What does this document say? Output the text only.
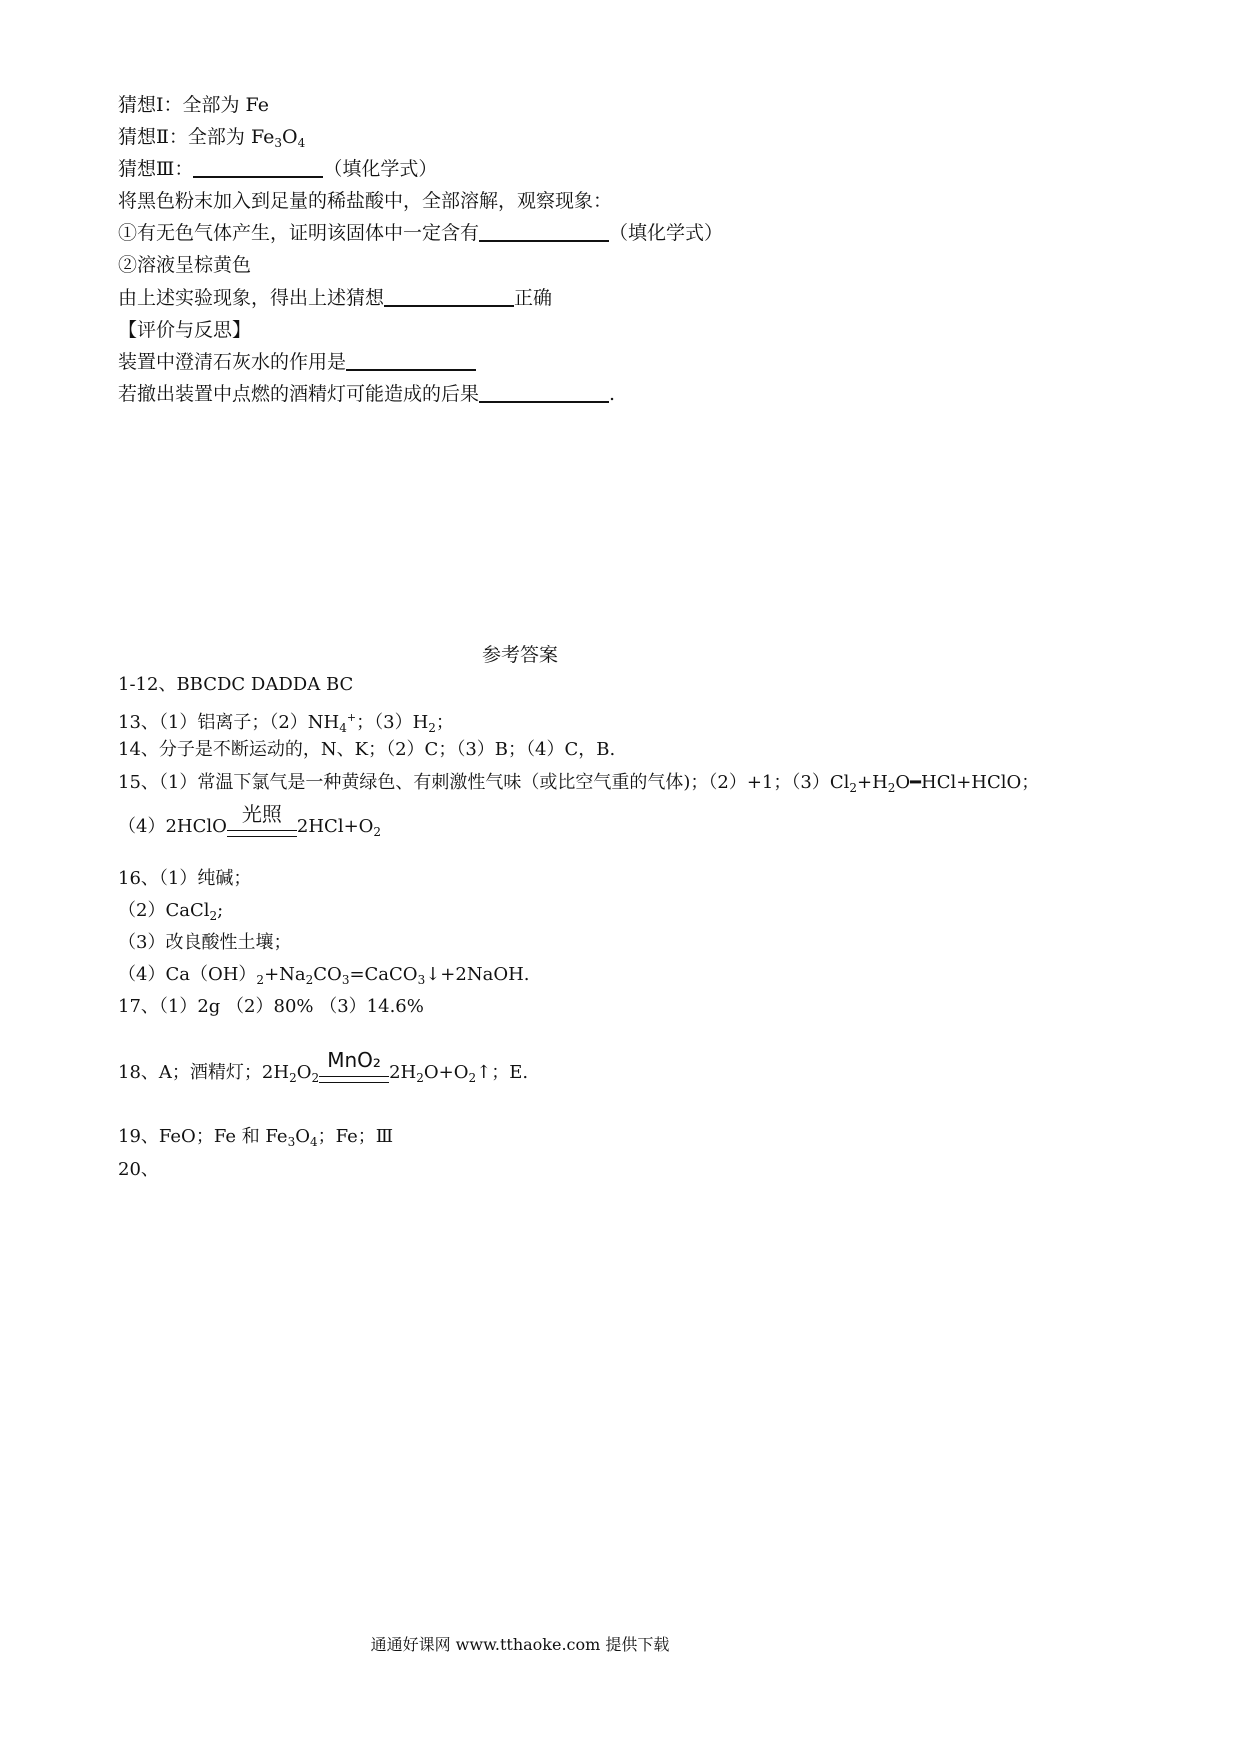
猜想Ⅰ：全部为 Fe
猜想Ⅱ：全部为 $Fe_3O_4$
猜想Ⅲ：	（填化学式）
将黑色粉末加入到足量的稀盐酸中，全部溶解，观察现象：
①有无色气体产生，证明该固体中一定含有	（填化学式）
②溶液呈棕黄色
由上述实验现象，得出上述猜想	正确
【评价与反思】
装置中澄清石灰水的作用是
若撤出装置中点燃的酒精灯可能造成的后果	.
参考答案
1-12、BBCDC DADDA BC
13、（1）铝离子；$(2)NH_4^+$；$(3)H_2$；
14、分子是不断运动的，N、K；（2）C；（3）B；（4）C，B.
15、（1）常温下氯气是一种黄绿色、有刺激性气味（或比空气重的气体)；（2）+1；$(3)Cl_2+H_2O━HCl+HClO$；
（4）2HClO
光照
$2HCl+O_2$
16、（1）纯碱；
（2）CaCl$_2$;
（3）改良酸性土壤；
$(4)Ca(OH)_2+Na_2CO_3=CaCO_3↓+2NaOH$.
17、（1）2g （2）80% （3）14.6%
18、A；酒精灯；$2H_2O_2$
MnO₂
$2H_2O+O_2↑$；E.
19、FeO；Fe 和 $Fe_3O_4$；Fe；Ⅲ
20、
通通好课网 www.tthaoke.com 提供下载
